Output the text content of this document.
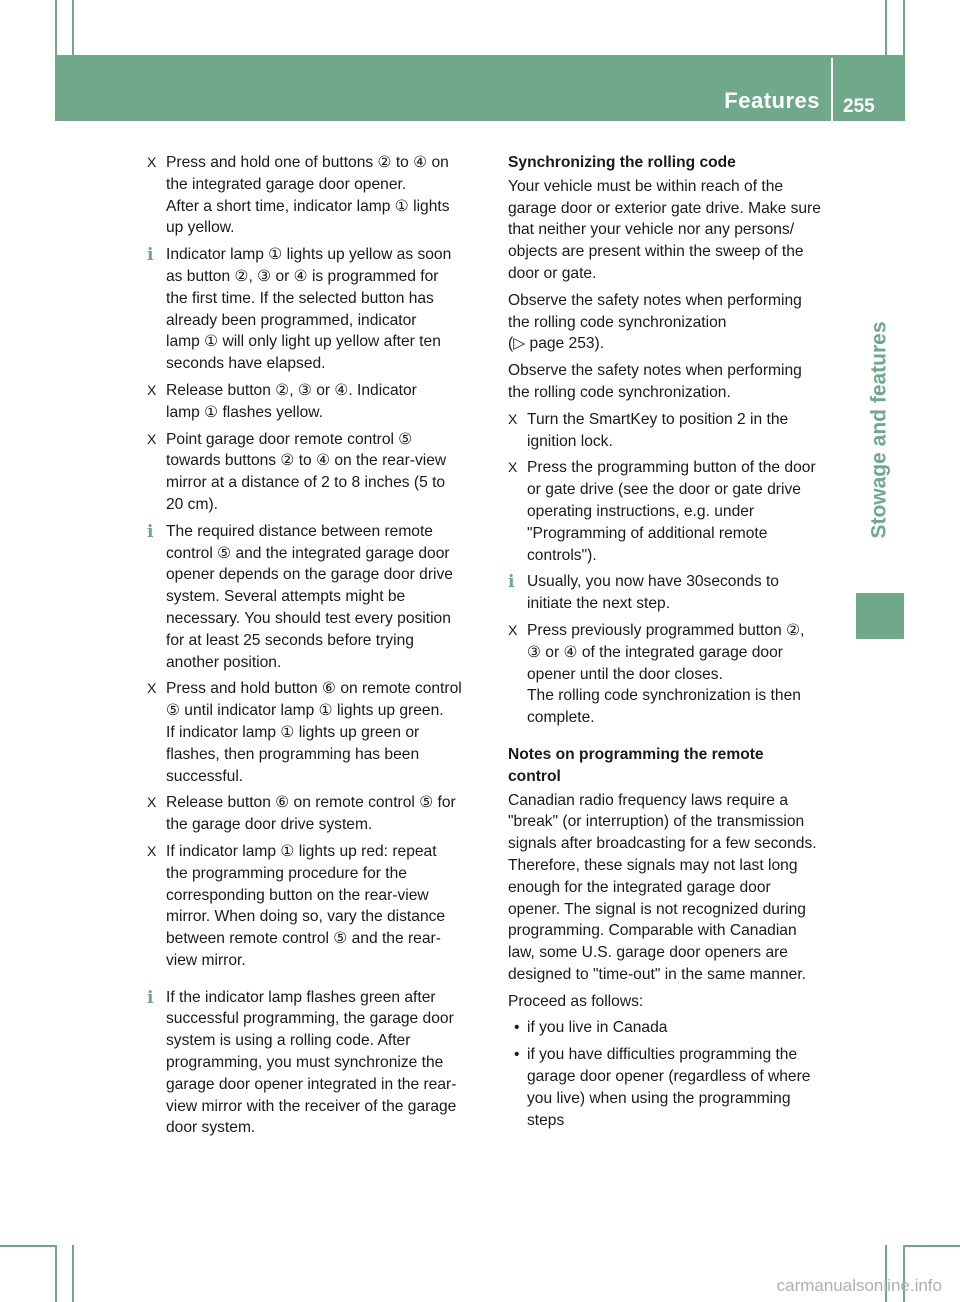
Features 255
Stowage and features
X Press and hold one of buttons ② to ④ on
the integrated garage door opener.
After a short time, indicator lamp ① lights
up yellow.
i Indicator lamp ① lights up yellow as soon
as button ②, ③ or ④ is programmed for
the first time. If the selected button has
already been programmed, indicator
lamp ① will only light up yellow after ten
seconds have elapsed.
X Release button ②, ③ or ④. Indicator
lamp ① flashes yellow.
X Point garage door remote control ⑤
towards buttons ② to ④ on the rear-view
mirror at a distance of 2 to 8 inches (5 to
20 cm).
i The required distance between remote
control ⑤ and the integrated garage door
opener depends on the garage door drive
system. Several attempts might be
necessary. You should test every position
for at least 25 seconds before trying
another position.
X Press and hold button ⑥ on remote control
⑤ until indicator lamp ① lights up green.
If indicator lamp ① lights up green or
flashes, then programming has been
successful.
X Release button ⑥ on remote control ⑤ for
the garage door drive system.
X If indicator lamp ① lights up red: repeat
the programming procedure for the
corresponding button on the rear-view
mirror. When doing so, vary the distance
between remote control ⑤ and the rear-
view mirror.
i If the indicator lamp flashes green after
successful programming, the garage door
system is using a rolling code. After
programming, you must synchronize the
garage door opener integrated in the rear-
view mirror with the receiver of the garage
door system.
Synchronizing the rolling code
Your vehicle must be within reach of the
garage door or exterior gate drive. Make sure
that neither your vehicle nor any persons/
objects are present within the sweep of the
door or gate.
Observe the safety notes when performing
the rolling code synchronization
(▷ page 253).
Observe the safety notes when performing
the rolling code synchronization.
X Turn the SmartKey to position 2 in the
ignition lock.
X Press the programming button of the door
or gate drive (see the door or gate drive
operating instructions, e.g. under
"Programming of additional remote
controls").
i Usually, you now have 30seconds to
initiate the next step.
X Press previously programmed button ②,
③ or ④ of the integrated garage door
opener until the door closes.
The rolling code synchronization is then
complete.
Notes on programming the remote
control
Canadian radio frequency laws require a
"break" (or interruption) of the transmission
signals after broadcasting for a few seconds.
Therefore, these signals may not last long
enough for the integrated garage door
opener. The signal is not recognized during
programming. Comparable with Canadian
law, some U.S. garage door openers are
designed to "time-out" in the same manner.
Proceed as follows:
• if you live in Canada
• if you have difficulties programming the
garage door opener (regardless of where
you live) when using the programming
steps
carmanualsonline.info
